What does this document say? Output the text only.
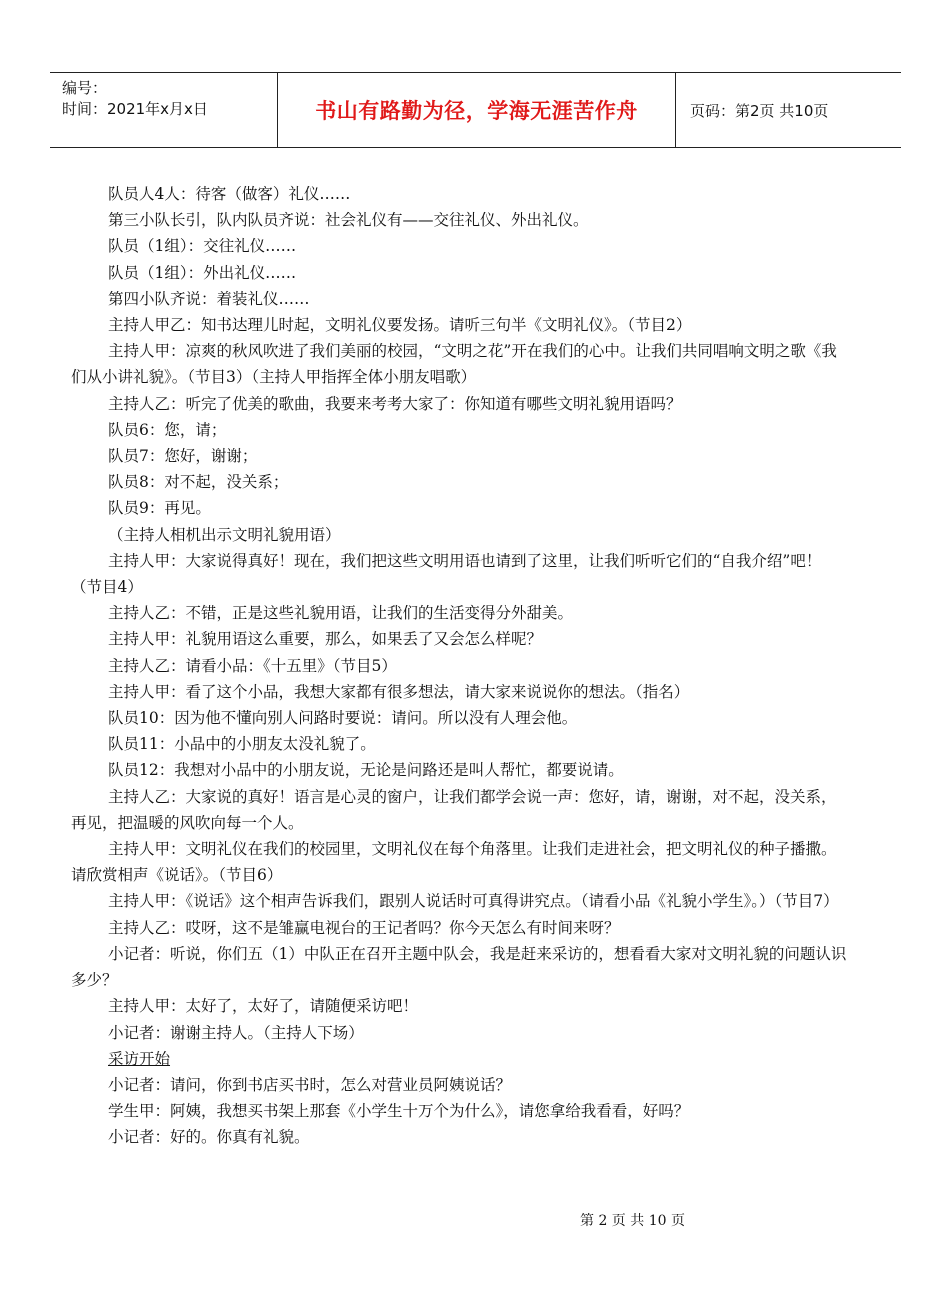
编号：
时间：2021年x月x日	书山有路勤为径，学海无涯苦作舟	页码：第2页 共10页

队员人4人：待客（做客）礼仪……

第三小队长引，队内队员齐说：社会礼仪有——交往礼仪、外出礼仪。

队员（1组）：交往礼仪……

队员（1组）：外出礼仪……

第四小队齐说：着装礼仪……

主持人甲乙：知书达理儿时起，文明礼仪要发扬。请听三句半《文明礼仪》。（节目2）

主持人甲：凉爽的秋风吹进了我们美丽的校园，“文明之花”开在我们的心中。让我们共同唱响文明之歌《我们从小讲礼貌》。（节目3）（主持人甲指挥全体小朋友唱歌）

主持人乙：听完了优美的歌曲，我要来考考大家了：你知道有哪些文明礼貌用语吗？

队员6：您，请；

队员7：您好，谢谢；

队员8：对不起，没关系；

队员9：再见。

（主持人相机出示文明礼貌用语）

主持人甲：大家说得真好！现在，我们把这些文明用语也请到了这里，让我们听听它们的“自我介绍”吧！（节目4）

主持人乙：不错，正是这些礼貌用语，让我们的生活变得分外甜美。

主持人甲：礼貌用语这么重要，那么，如果丢了又会怎么样呢？

主持人乙：请看小品：《十五里》（节目5）

主持人甲：看了这个小品，我想大家都有很多想法，请大家来说说你的想法。（指名）

队员10：因为他不懂向别人问路时要说：请问。所以没有人理会他。

队员11：小品中的小朋友太没礼貌了。

队员12：我想对小品中的小朋友说，无论是问路还是叫人帮忙，都要说请。

主持人乙：大家说的真好！语言是心灵的窗户，让我们都学会说一声：您好，请，谢谢，对不起，没关系，再见，把温暖的风吹向每一个人。

主持人甲：文明礼仪在我们的校园里，文明礼仪在每个角落里。让我们走进社会，把文明礼仪的种子播撒。请欣赏相声《说话》。（节目6）

主持人甲：《说话》这个相声告诉我们，跟别人说话时可真得讲究点。（请看小品《礼貌小学生》。）（节目7）

主持人乙：哎呀，这不是雏赢电视台的王记者吗？你今天怎么有时间来呀？

小记者：听说，你们五（1）中队正在召开主题中队会，我是赶来采访的，想看看大家对文明礼貌的问题认识多少？

主持人甲：太好了，太好了，请随便采访吧！

小记者：谢谢主持人。（主持人下场）

采访开始

小记者：请问，你到书店买书时，怎么对营业员阿姨说话？

学生甲：阿姨，我想买书架上那套《小学生十万个为什么》，请您拿给我看看，好吗？

小记者：好的。你真有礼貌。

第 2 页 共 10 页
